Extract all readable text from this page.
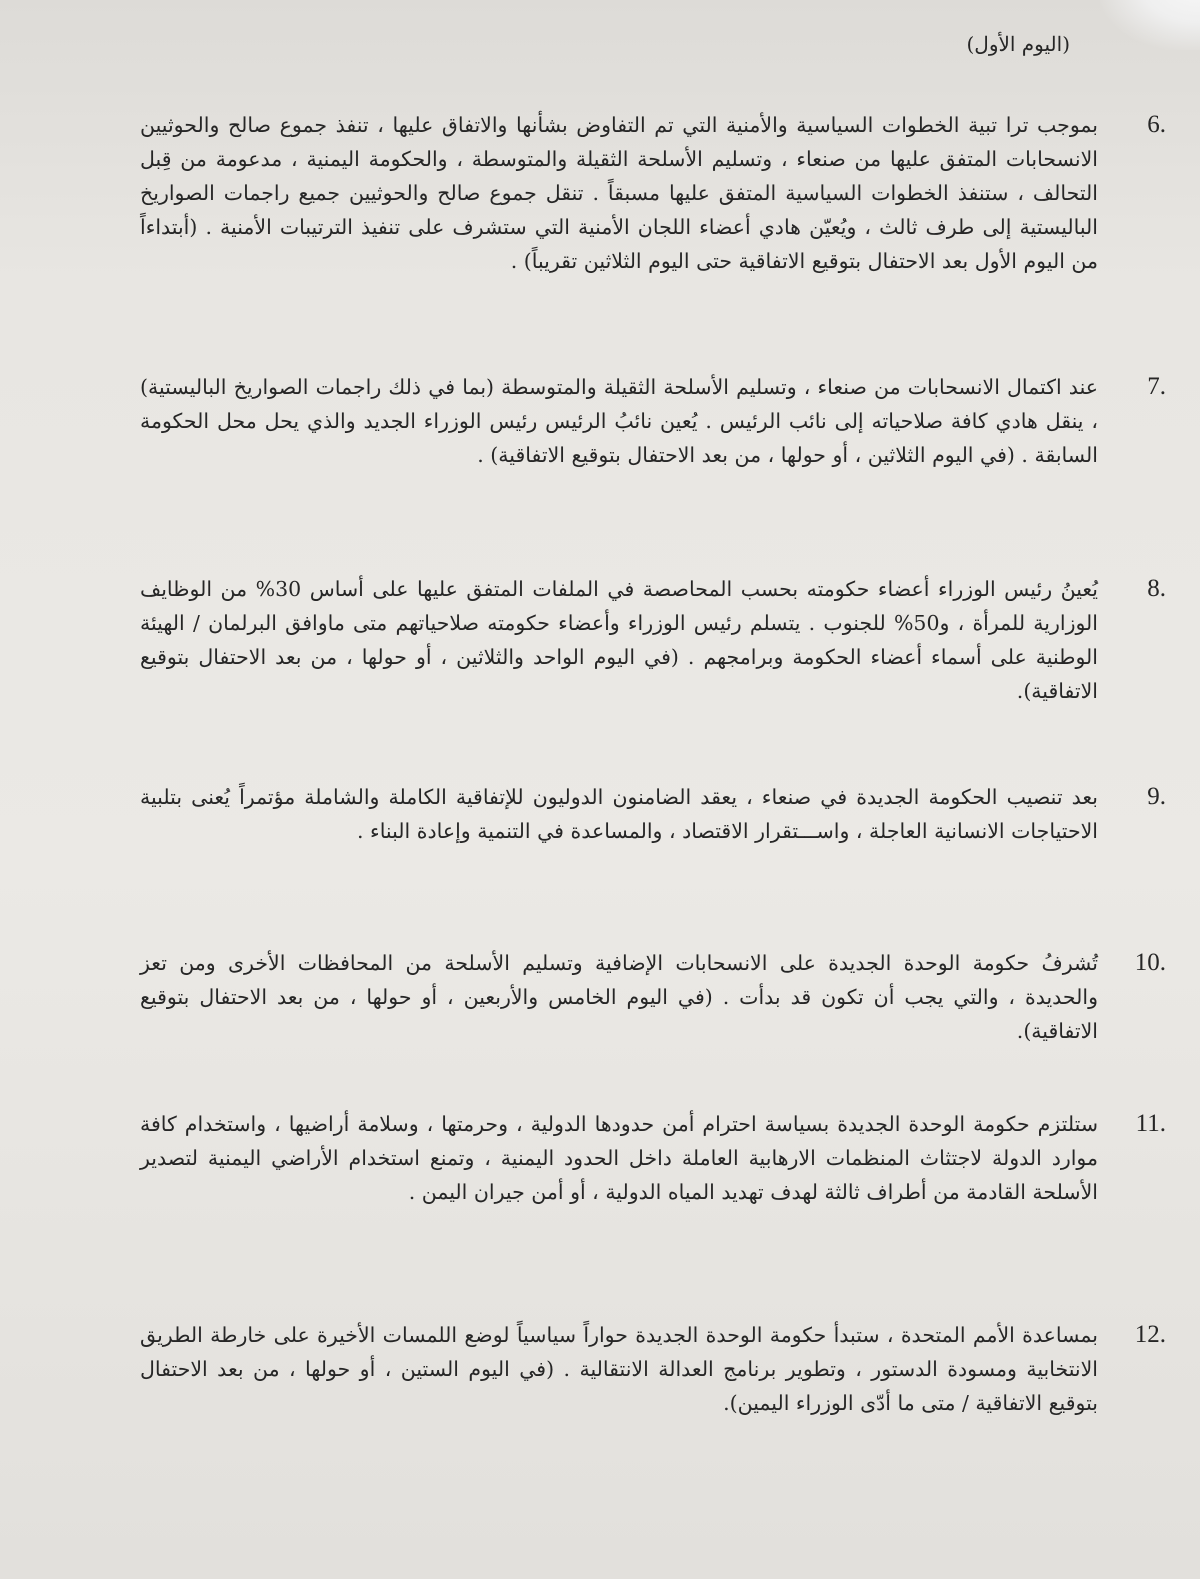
(اليوم الأول)
6.

بموجب ترا تبية الخطوات السياسية والأمنية التي تم التفاوض بشأنها والاتفاق عليها ، تنفذ جموع صالح والحوثيين الانسحابات المتفق عليها من صنعاء ، وتسليم الأسلحة الثقيلة والمتوسطة ، والحكومة اليمنية ، مدعومة من قِبل التحالف ، ستنفذ الخطوات السياسية المتفق عليها مسبقاً . تنقل جموع صالح والحوثيين جميع راجمات الصواريخ الباليستية إلى طرف ثالث ، ويُعيّن هادي أعضاء اللجان الأمنية التي ستشرف على تنفيذ الترتيبات الأمنية . (أبتداءاً من اليوم الأول بعد الاحتفال بتوقيع الاتفاقية حتى اليوم الثلاثين تقريباً) .

7.

عند اكتمال الانسحابات من صنعاء ، وتسليم الأسلحة الثقيلة والمتوسطة (بما في ذلك راجمات الصواريخ الباليستية) ، ينقل هادي كافة صلاحياته إلى نائب الرئيس . يُعين نائبُ الرئيس رئيس الوزراء الجديد والذي يحل محل الحكومة السابقة . (في اليوم الثلاثين ، أو حولها ، من بعد الاحتفال بتوقيع الاتفاقية) .

8.

يُعينُ رئيس الوزراء أعضاء حكومته بحسب المحاصصة في الملفات المتفق عليها على أساس 30% من الوظايف الوزارية للمرأة ، و50% للجنوب . يتسلم رئيس الوزراء وأعضاء حكومته صلاحياتهم متى ماوافق البرلمان / الهيئة الوطنية على أسماء أعضاء الحكومة وبرامجهم . (في اليوم الواحد والثلاثين ، أو حولها ، من بعد الاحتفال بتوقيع الاتفاقية).

9.

بعد تنصيب الحكومة الجديدة في صنعاء ، يعقد الضامنون الدوليون للإتفاقية الكاملة والشاملة مؤتمراً يُعنى بتلبية الاحتياجات الانسانية العاجلة ، واســـتقرار الاقتصاد ، والمساعدة في التنمية وإعادة البناء .

10.

تُشرفُ حكومة الوحدة الجديدة على الانسحابات الإضافية وتسليم الأسلحة من المحافظات الأخرى ومن تعز والحديدة ، والتي يجب أن تكون قد بدأت . (في اليوم الخامس والأربعين ، أو حولها ، من بعد الاحتفال بتوقيع الاتفاقية).

11.

ستلتزم حكومة الوحدة الجديدة بسياسة احترام أمن حدودها الدولية ، وحرمتها ، وسلامة أراضيها ، واستخدام كافة موارد الدولة لاجتثاث المنظمات الارهابية العاملة داخل الحدود اليمنية ، وتمنع استخدام الأراضي اليمنية لتصدير الأسلحة القادمة من أطراف ثالثة لهدف تهديد المياه الدولية ، أو أمن جيران اليمن .

12.

بمساعدة الأمم المتحدة ، ستبدأ حكومة الوحدة الجديدة حواراً سياسياً لوضع اللمسات الأخيرة على خارطة الطريق الانتخابية ومسودة الدستور ، وتطوير برنامج العدالة الانتقالية . (في اليوم الستين ، أو حولها ، من بعد الاحتفال بتوقيع الاتفاقية / متى ما أدّى الوزراء اليمين).
